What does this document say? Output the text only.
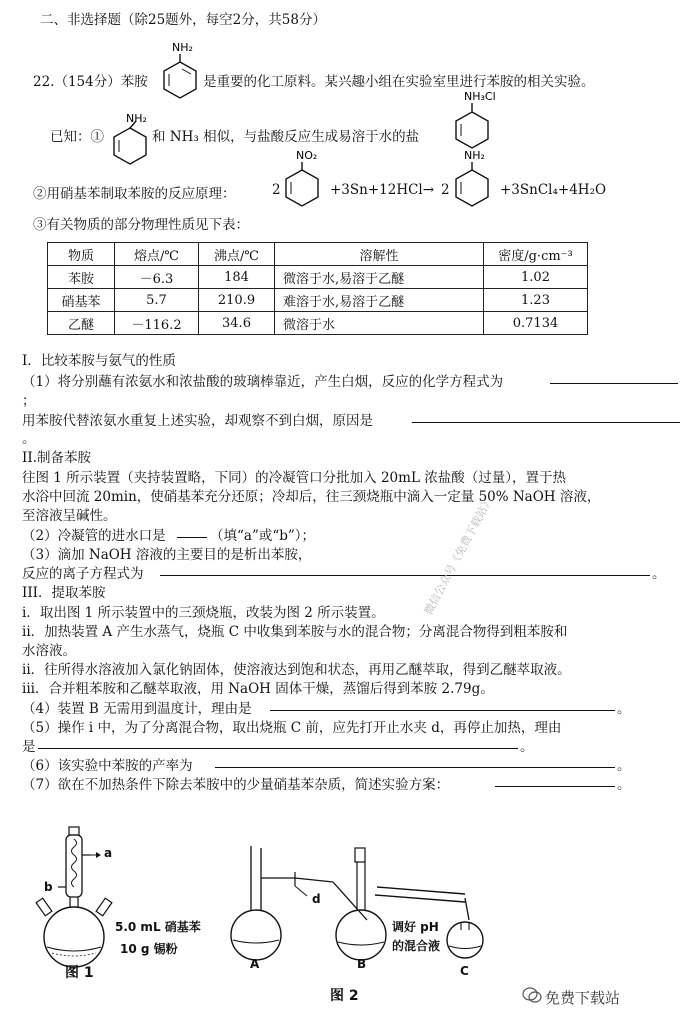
二、非选择题（除25题外，每空2分，共58分）
22.（154分）苯胺
NH₂
是重要的化工原料。某兴趣小组在实验室里进行苯胺的相关实验。
已知：①
NH₂
和 NH₃ 相似，与盐酸反应生成易溶于水的盐
NH₃Cl
②用硝基苯制取苯胺的反应原理：	2
NO₂
+3Sn+12HCl→ 2
NH₂
+3SnCl₄+4H₂O
③有关物质的部分物理性质见下表：
物质	熔点/℃	沸点/℃	溶解性	密度/g·cm⁻³
苯胺	－6.3	184	微溶于水,易溶于乙醚	1.02
硝基苯	5.7	210.9	难溶于水,易溶于乙醚	1.23
乙醚	－116.2	34.6	微溶于水	0.7134
I．比较苯胺与氨气的性质
（1）将分别蘸有浓氨水和浓盐酸的玻璃棒靠近，产生白烟，反应的化学方程式为
；
用苯胺代替浓氨水重复上述实验，却观察不到白烟，原因是
。
II.制备苯胺
往图 1 所示装置（夹持装置略，下同）的冷凝管口分批加入 20mL 浓盐酸（过量），置于热
水浴中回流 20min，使硝基苯充分还原；冷却后，往三颈烧瓶中滴入一定量 50% NaOH 溶液，
至溶液呈碱性。
（2）冷凝管的进水口是	（填“a”或“b”）；
（3）滴加 NaOH 溶液的主要目的是析出苯胺，
反应的离子方程式为	。
III．提取苯胺
i．取出图 1 所示装置中的三颈烧瓶，改装为图 2 所示装置。
ii．加热装置 A 产生水蒸气，烧瓶 C 中收集到苯胺与水的混合物；分离混合物得到粗苯胺和
水溶液。
ii．往所得水溶液加入氯化钠固体，使溶液达到饱和状态，再用乙醚萃取，得到乙醚萃取液。
iii．合并粗苯胺和乙醚萃取液，用 NaOH 固体干燥，蒸馏后得到苯胺 2.79g。
（4）装置 B 无需用到温度计，理由是	。
（5）操作 i 中，为了分离混合物，取出烧瓶 C 前，应先打开止水夹 d，再停止加热，理由
是	。
（6）该实验中苯胺的产率为	。
（7）欲在不加热条件下除去苯胺中的少量硝基苯杂质，简述实验方案：	。
a
b
5.0 mL 硝基苯
10 g 锡粉
图 1
d
A	B	C
调好 pH
的混合液
图 2
微信公众号《免费下载站》
免费下载站
